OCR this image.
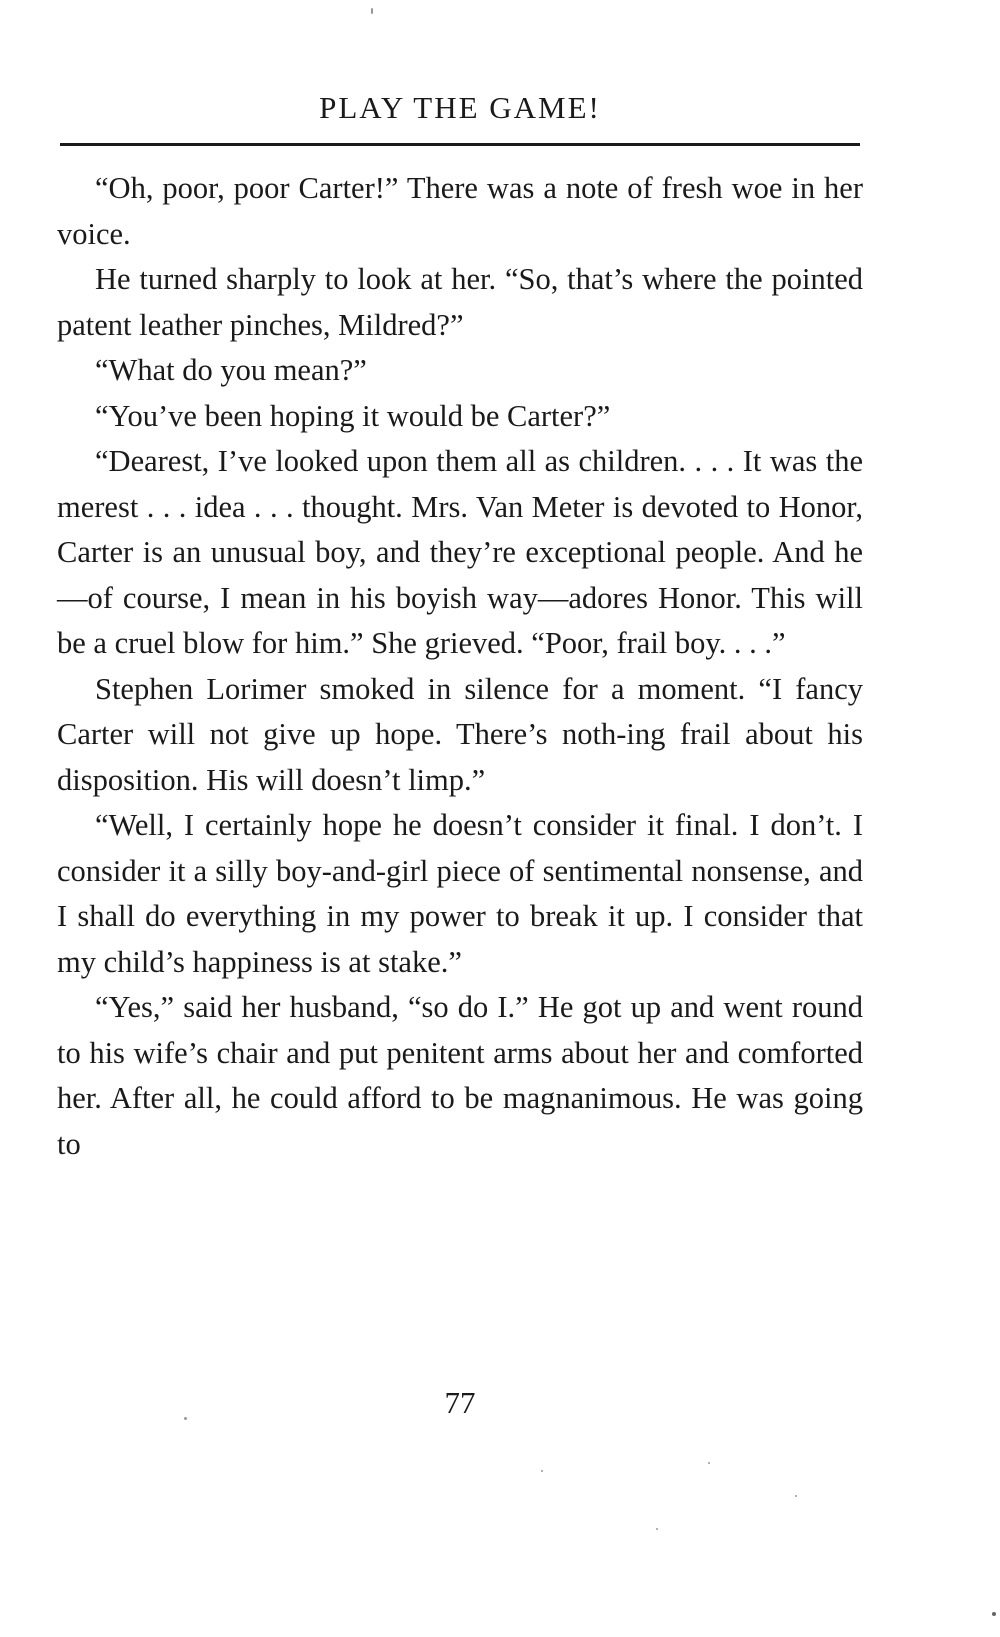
PLAY THE GAME!

“Oh, poor, poor Carter!” There was a note of fresh woe in her voice.

He turned sharply to look at her. “So, that’s where the pointed patent leather pinches, Mildred?”

“What do you mean?”

“You’ve been hoping it would be Carter?”

“Dearest, I’ve looked upon them all as children. . . . It was the merest . . . idea . . . thought. Mrs. Van Meter is devoted to Honor, Carter is an unusual boy, and they’re exceptional people. And he—of course, I mean in his boyish way—adores Honor. This will be a cruel blow for him.” She grieved. “Poor, frail boy. . . .”

Stephen Lorimer smoked in silence for a moment. “I fancy Carter will not give up hope. There’s noth-ing frail about his disposition. His will doesn’t limp.”

“Well, I certainly hope he doesn’t consider it final. I don’t. I consider it a silly boy-and-girl piece of sentimental nonsense, and I shall do everything in my power to break it up. I consider that my child’s happiness is at stake.”

“Yes,” said her husband, “so do I.” He got up and went round to his wife’s chair and put penitent arms about her and comforted her. After all, he could afford to be magnanimous. He was going to

77
